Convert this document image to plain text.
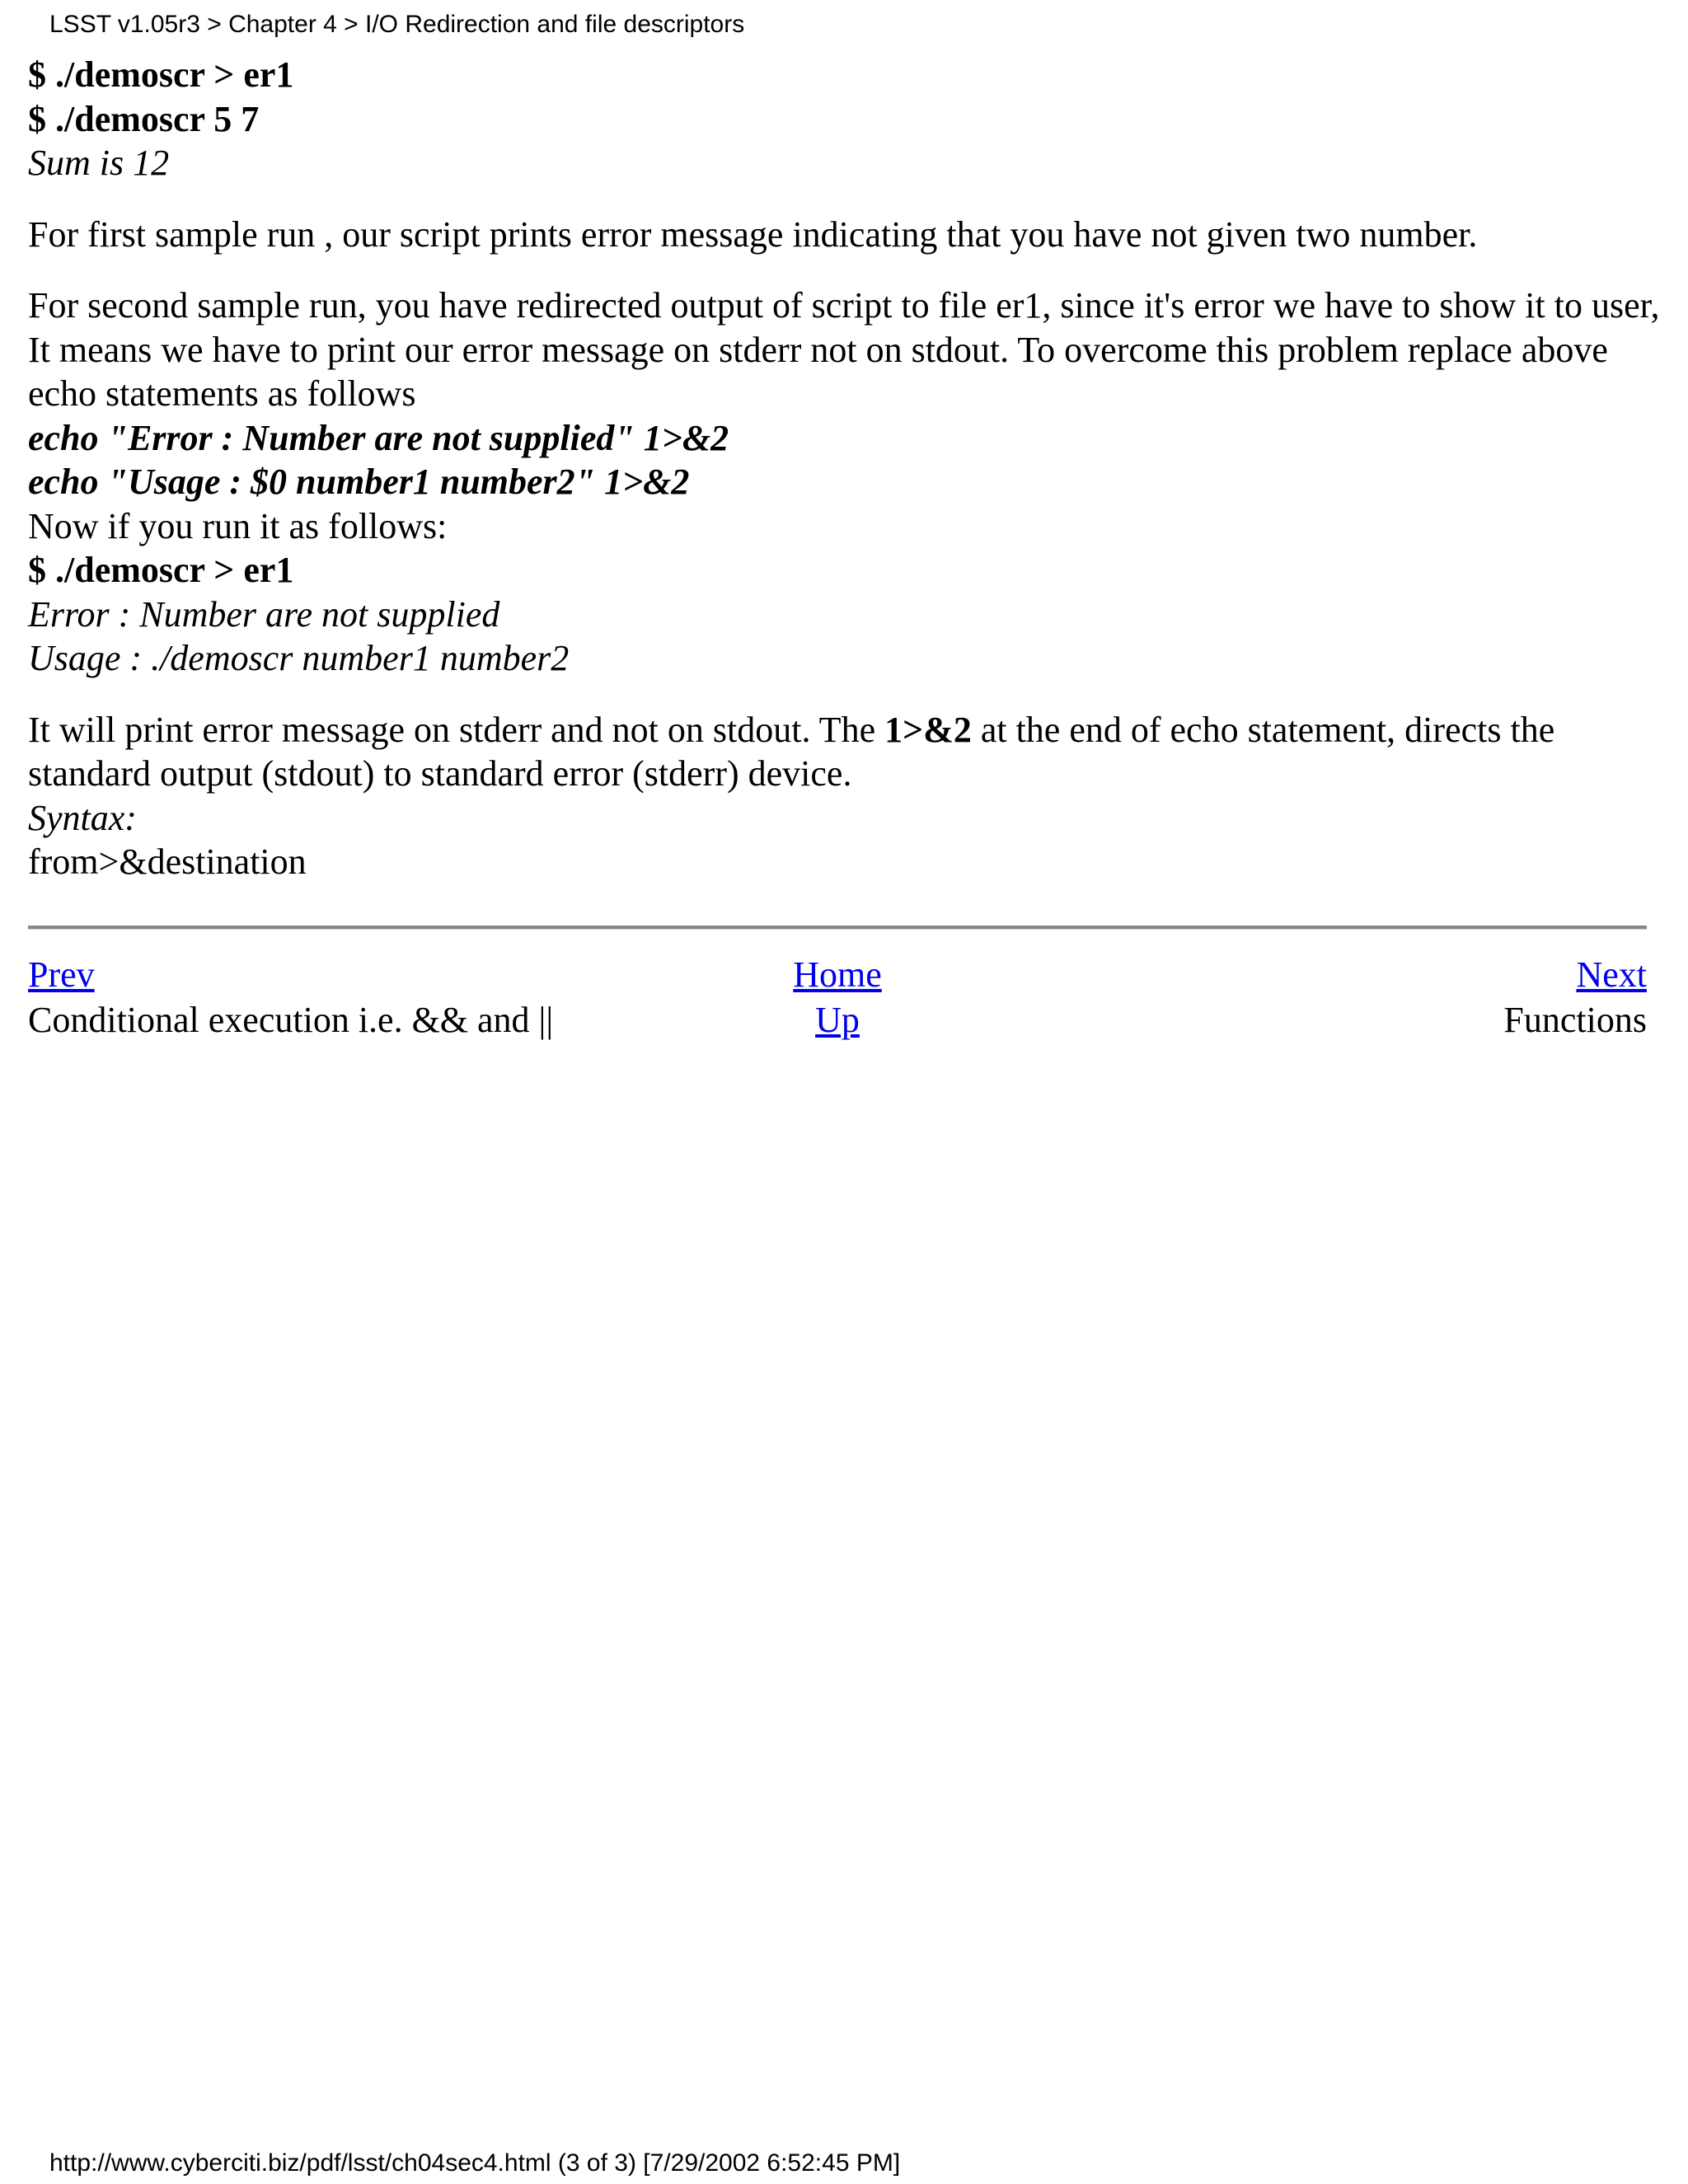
LSST v1.05r3 > Chapter 4 > I/O Redirection and file descriptors
$ ./demoscr > er1
$ ./demoscr 5 7
Sum is 12

For first sample run , our script prints error message indicating that you have not given two number.

For second sample run, you have redirected output of script to file er1, since it's error we have to show it to user, It means we have to print our error message on stderr not on stdout. To overcome this problem replace above echo statements as follows

echo "Error : Number are not supplied" 1>&2
echo "Usage : $0 number1 number2" 1>&2
Now if you run it as follows:
$ ./demoscr > er1
Error : Number are not supplied
Usage : ./demoscr number1 number2

It will print error message on stderr and not on stdout. The 1>&2 at the end of echo statement, directs the standard output (stdout) to standard error (stderr) device.

Syntax:
from>&destination
Prev
Conditional execution i.e. && and ||
Home
Up
Next
Functions
http://www.cyberciti.biz/pdf/lsst/ch04sec4.html (3 of 3) [7/29/2002 6:52:45 PM]
